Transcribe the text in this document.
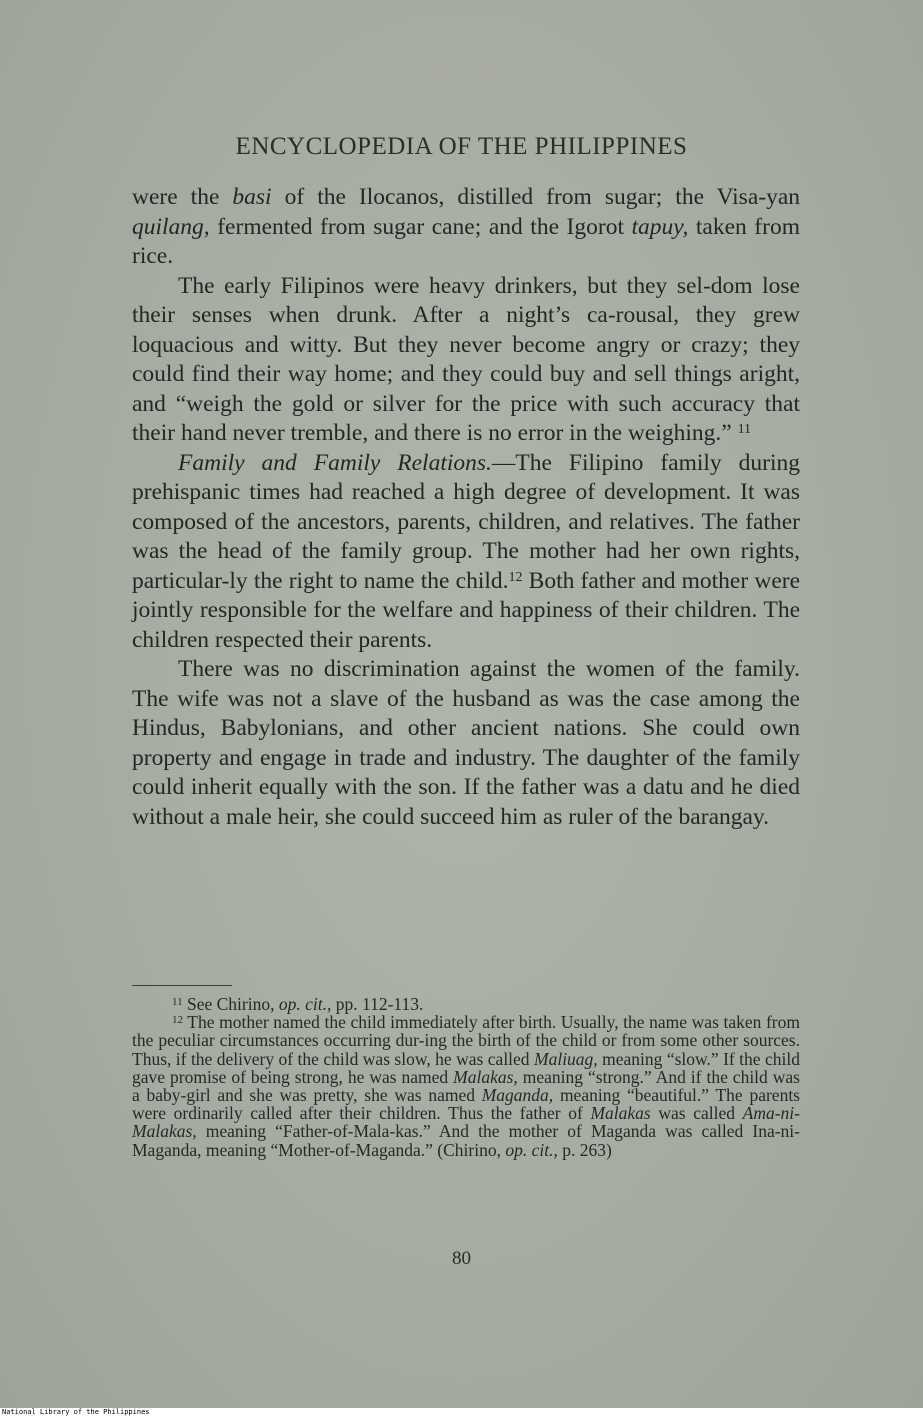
ENCYCLOPEDIA OF THE PHILIPPINES

were the basi of the Ilocanos, distilled from sugar; the Visa-yan quilang, fermented from sugar cane; and the Igorot tapuy, taken from rice.

The early Filipinos were heavy drinkers, but they sel-dom lose their senses when drunk. After a night’s ca-rousal, they grew loquacious and witty. But they never become angry or crazy; they could find their way home; and they could buy and sell things aright, and “weigh the gold or silver for the price with such accuracy that their hand never tremble, and there is no error in the weighing.” $^{11}$

Family and Family Relations.—The Filipino family during prehispanic times had reached a high degree of development. It was composed of the ancestors, parents, children, and relatives. The father was the head of the family group. The mother had her own rights, particular-ly the right to name the child.$^{12}$ Both father and mother were jointly responsible for the welfare and happiness of their children. The children respected their parents.

There was no discrimination against the women of the family. The wife was not a slave of the husband as was the case among the Hindus, Babylonians, and other ancient nations. She could own property and engage in trade and industry. The daughter of the family could inherit equally with the son. If the father was a datu and he died without a male heir, she could succeed him as ruler of the barangay.

$^{11}$ See Chirino, op. cit., pp. 112-113.

$^{12}$ The mother named the child immediately after birth. Usually, the name was taken from the peculiar circumstances occurring dur-ing the birth of the child or from some other sources. Thus, if the delivery of the child was slow, he was called Maliuag, meaning “slow.” If the child gave promise of being strong, he was named Malakas, meaning “strong.” And if the child was a baby-girl and she was pretty, she was named Maganda, meaning “beautiful.” The parents were ordinarily called after their children. Thus the father of Malakas was called Ama-ni-Malakas, meaning “Father-of-Mala-kas.” And the mother of Maganda was called Ina-ni-Maganda, meaning “Mother-of-Maganda.” (Chirino, op. cit., p. 263)

80
National Library of the Philippines
